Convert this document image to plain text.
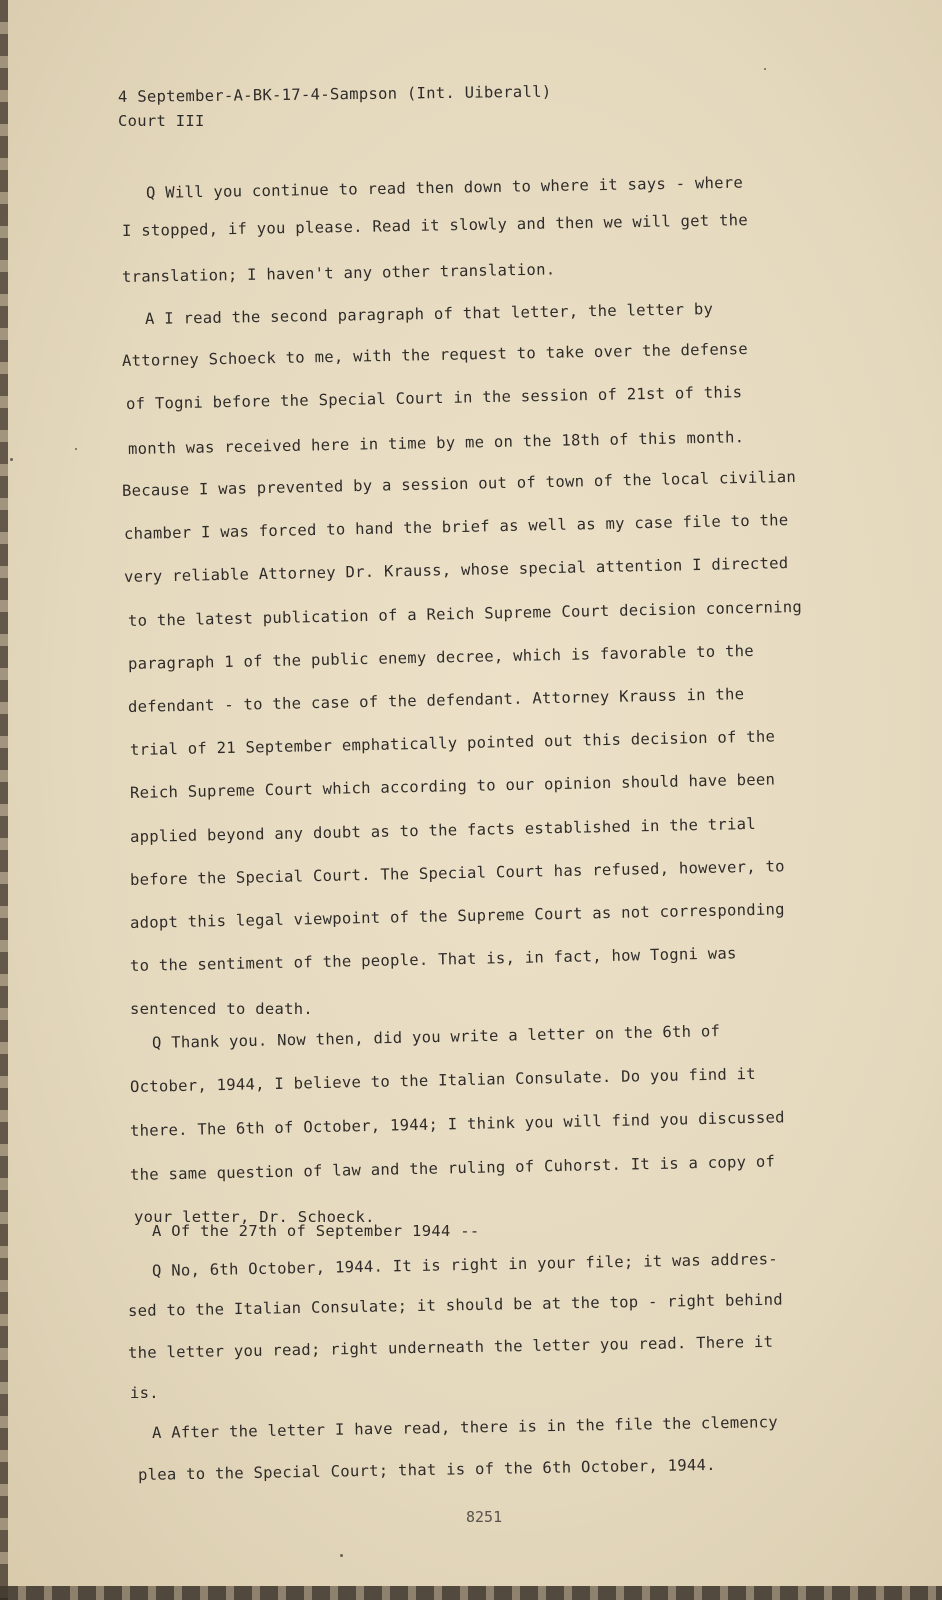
4 September-A-BK-17-4-Sampson (Int. Uiberall)
Court III
Q Will you continue to read then down to where it says - where
I stopped, if you please. Read it slowly and then we will get the
translation; I haven't any other translation.
A I read the second paragraph of that letter, the letter by
Attorney Schoeck to me, with the request to take over the defense
of Togni before the Special Court in the session of 21st of this
month was received here in time by me on the 18th of this month.
Because I was prevented by a session out of town of the local civilian
chamber I was forced to hand the brief as well as my case file to the
very reliable Attorney Dr. Krauss, whose special attention I directed
to the latest publication of a Reich Supreme Court decision concerning
paragraph 1 of the public enemy decree, which is favorable to the
defendant - to the case of the defendant. Attorney Krauss in the
trial of 21 September emphatically pointed out this decision of the
Reich Supreme Court which according to our opinion should have been
applied beyond any doubt as to the facts established in the trial
before the Special Court. The Special Court has refused, however, to
adopt this legal viewpoint of the Supreme Court as not corresponding
to the sentiment of the people. That is, in fact, how Togni was
sentenced to death.
Q Thank you. Now then, did you write a letter on the 6th of
October, 1944, I believe to the Italian Consulate. Do you find it
there. The 6th of October, 1944; I think you will find you discussed
the same question of law and the ruling of Cuhorst. It is a copy of
your letter, Dr. Schoeck.
A Of the 27th of September 1944 --
Q No, 6th October, 1944. It is right in your file; it was addres-
sed to the Italian Consulate; it should be at the top - right behind
the letter you read; right underneath the letter you read. There it
is.
A After the letter I have read, there is in the file the clemency
plea to the Special Court; that is of the 6th October, 1944.
8251
